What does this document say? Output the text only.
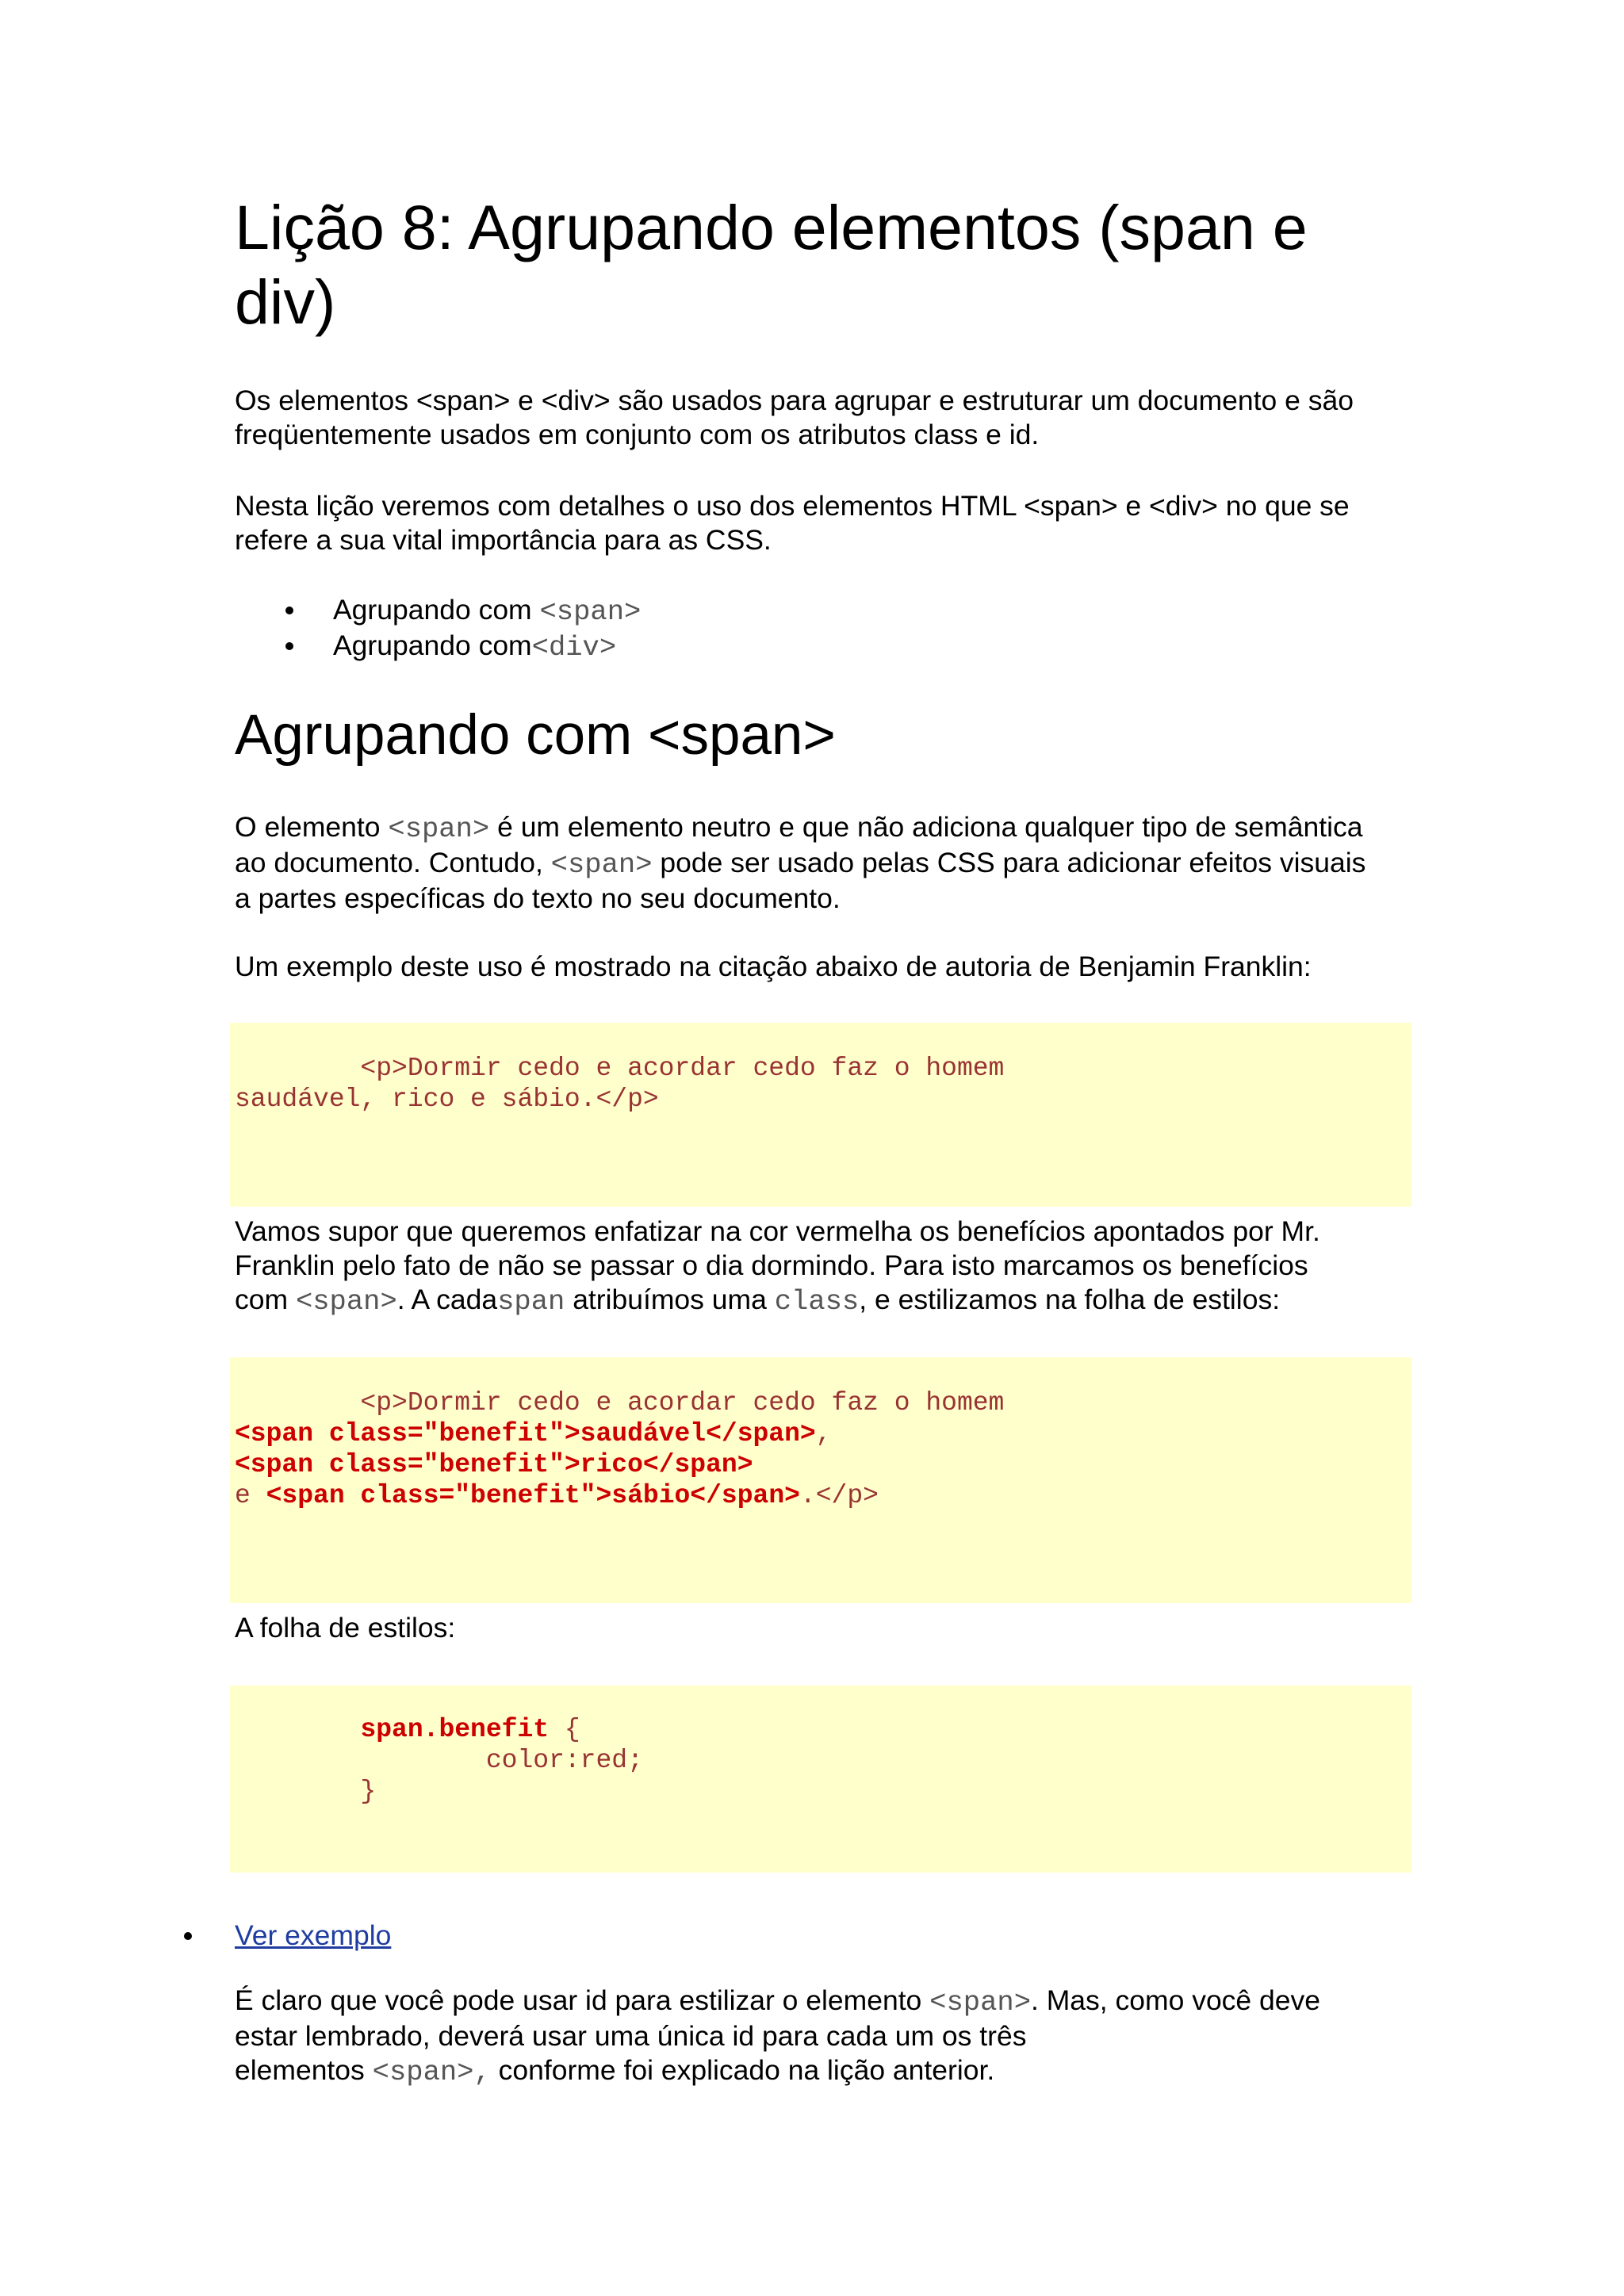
Lição 8: Agrupando elementos (span e
div)

Os elementos <span> e <div> são usados para agrupar e estruturar um documento e são
freqüentemente usados em conjunto com os atributos class e id.

Nesta lição veremos com detalhes o uso dos elementos HTML <span> e <div> no que se
refere a sua vital importância para as CSS.

Agrupando com <span>
Agrupando com<div>
Agrupando com <span>

O elemento <span> é um elemento neutro e que não adiciona qualquer tipo de semântica
ao documento. Contudo, <span> pode ser usado pelas CSS para adicionar efeitos visuais
a partes específicas do texto no seu documento.

Um exemplo deste uso é mostrado na citação abaixo de autoria de Benjamin Franklin:

<p>Dormir cedo e acordar cedo faz o homem
saudável, rico e sábio.</p>

Vamos supor que queremos enfatizar na cor vermelha os benefícios apontados por Mr.
Franklin pelo fato de não se passar o dia dormindo. Para isto marcamos os benefícios
com <span>. A cadaspan atribuímos uma class, e estilizamos na folha de estilos:

<p>Dormir cedo e acordar cedo faz o homem
<span class="benefit">saudável</span>,
<span class="benefit">rico</span>
e <span class="benefit">sábio</span>.</p>

A folha de estilos:

span.benefit {
color:red;
}
Ver exemplo

É claro que você pode usar id para estilizar o elemento <span>. Mas, como você deve
estar lembrado, deverá usar uma única id para cada um os três
elementos <span>, conforme foi explicado na lição anterior.
